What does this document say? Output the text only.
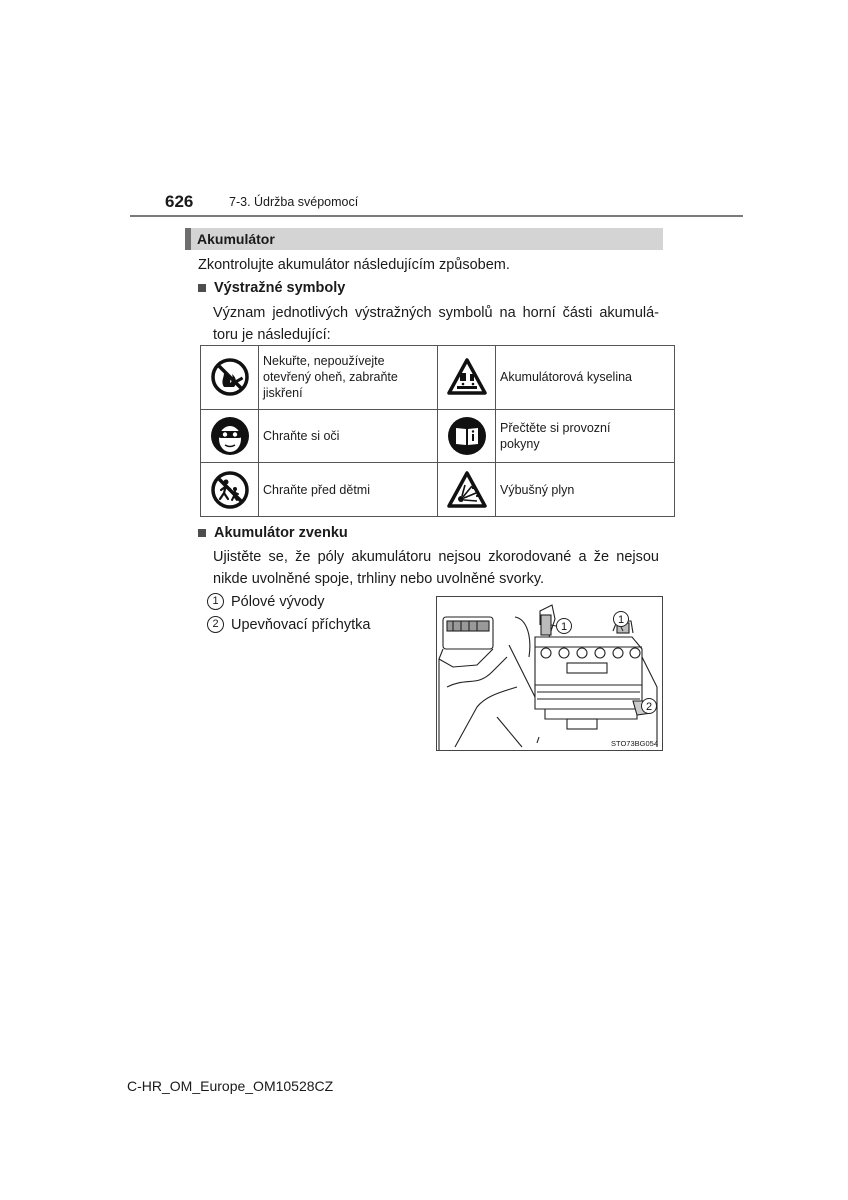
626	7-3. Údržba svépomocí
Akumulátor
Zkontrolujte akumulátor následujícím způsobem.
Výstražné symboly
Význam jednotlivých výstražných symbolů na horní části akumulá-
toru je následující:

Nekuřte, nepoužívejte
otevřený oheň, zabraňte
jiskření		Akumulátorová kyselina

Chraňte si oči		Přečtěte si provozní
pokyny

Chraňte před dětmi		Výbušný plyn
Akumulátor zvenku
Ujistěte se, že póly akumulátoru nejsou zkorodované a že nejsou
nikde uvolněné spoje, trhliny nebo uvolněné svorky.
1 Pólové vývody
2 Upevňovací příchytka	1
1
2
STO73BG054
C-HR_OM_Europe_OM10528CZ
